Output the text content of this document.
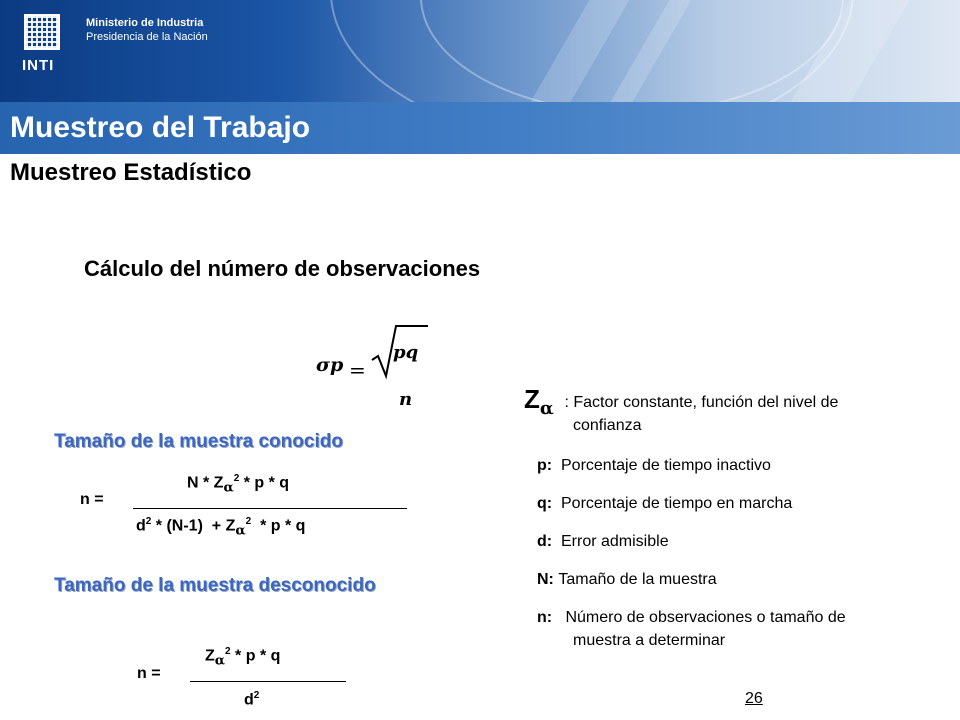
INTI
Ministerio de Industria
Presidencia de la Nación
Muestreo del Trabajo
Muestreo Estadístico
Cálculo del número de observaciones
σp =
pq
n
Tamaño de la muestra conocido
N * $Z_\alpha^2$ * p * q
n =
$d^2 * (N-1) + Z_\alpha^2 * p * q$
Tamaño de la muestra desconocido
$Z_\alpha^2$ * p * q
n =
$d^2$
$Z_\alpha$ : Factor constante, función del nivel de
confianza
p: Porcentaje de tiempo inactivo
q: Porcentaje de tiempo en marcha
d: Error admisible
N: Tamaño de la muestra
n: Número de observaciones o tamaño de
muestra a determinar
26
